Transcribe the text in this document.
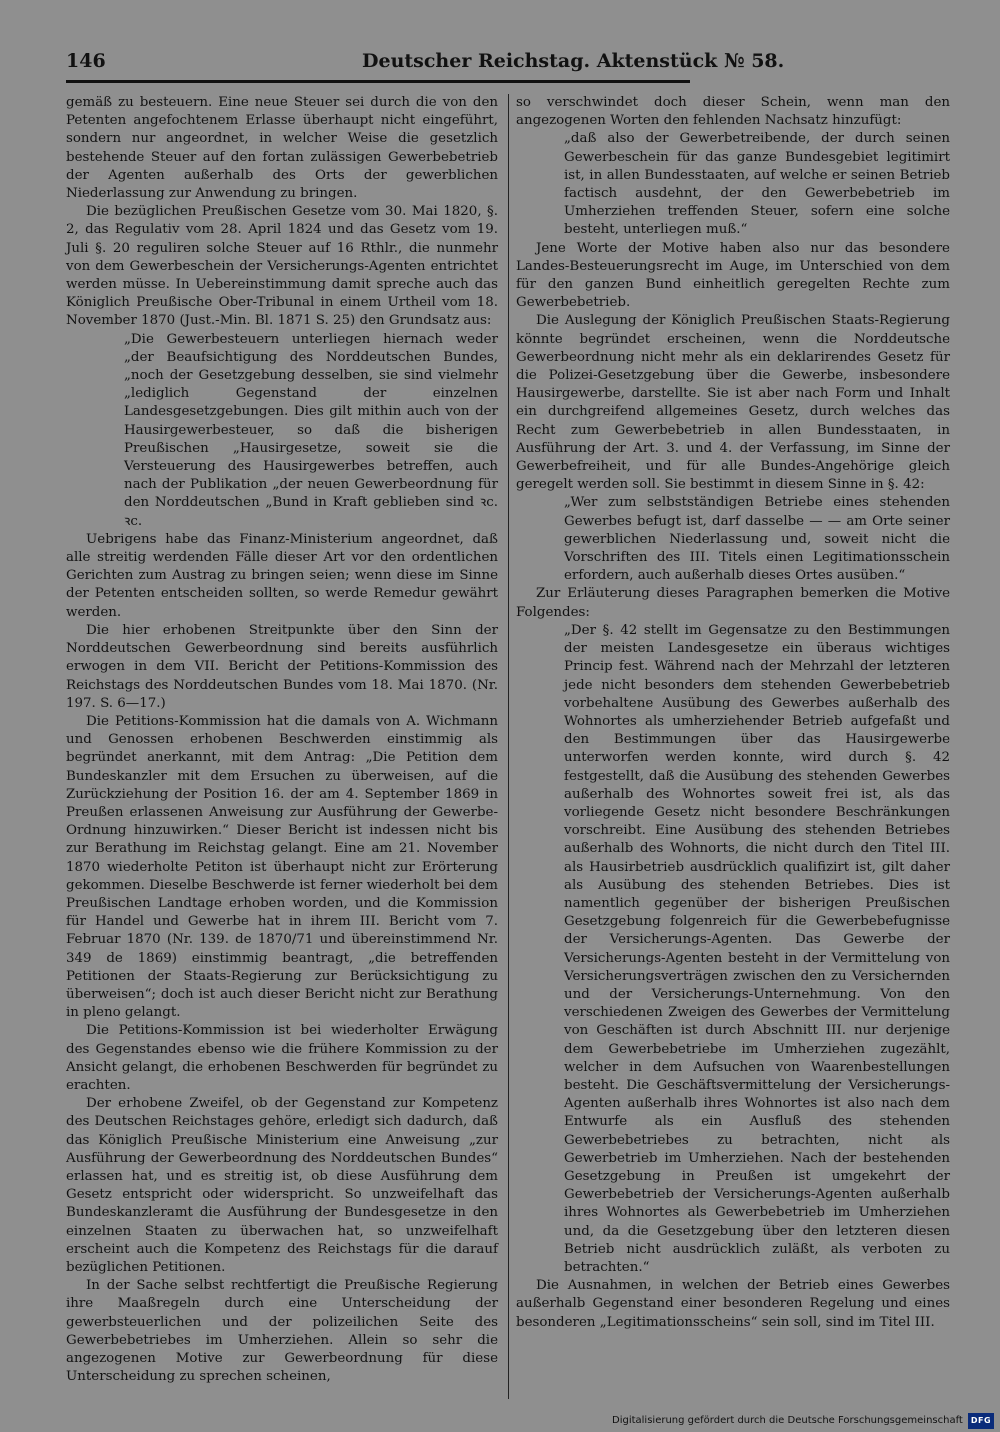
146	Deutscher Reichstag. Aktenstück № 58.

gemäß zu besteuern. Eine neue Steuer sei durch die von den Petenten angefochtenem Erlasse überhaupt nicht eingeführt, sondern nur angeordnet, in welcher Weise die gesetzlich bestehende Steuer auf den fortan zulässigen Gewerbebetrieb der Agenten außerhalb des Orts der gewerblichen Niederlassung zur Anwendung zu bringen.

Die bezüglichen Preußischen Gesetze vom 30. Mai 1820, §. 2, das Regulativ vom 28. April 1824 und das Gesetz vom 19. Juli §. 20 reguliren solche Steuer auf 16 Rthlr., die nunmehr von dem Gewerbeschein der Versicherungs-Agenten entrichtet werden müsse. In Uebereinstimmung damit spreche auch das Königlich Preußische Ober-Tribunal in einem Urtheil vom 18. November 1870 (Just.-Min. Bl. 1871 S. 25) den Grundsatz aus:

„Die Gewerbesteuern unterliegen hiernach weder „der Beaufsichtigung des Norddeutschen Bundes, „noch der Gesetzgebung desselben, sie sind vielmehr „lediglich Gegenstand der einzelnen Landesgesetzgebungen. Dies gilt mithin auch von der Hausirgewerbesteuer, so daß die bisherigen Preußischen „Hausirgesetze, soweit sie die Versteuerung des Hausirgewerbes betreffen, auch nach der Publikation „der neuen Gewerbeordnung für den Norddeutschen „Bund in Kraft geblieben sind ꝛc. ꝛc.

Uebrigens habe das Finanz-Ministerium angeordnet, daß alle streitig werdenden Fälle dieser Art vor den ordentlichen Gerichten zum Austrag zu bringen seien; wenn diese im Sinne der Petenten entscheiden sollten, so werde Remedur gewährt werden.

Die hier erhobenen Streitpunkte über den Sinn der Norddeutschen Gewerbeordnung sind bereits ausführlich erwogen in dem VII. Bericht der Petitions-Kommission des Reichstags des Norddeutschen Bundes vom 18. Mai 1870. (Nr. 197. S. 6—17.)

Die Petitions-Kommission hat die damals von A. Wichmann und Genossen erhobenen Beschwerden einstimmig als begründet anerkannt, mit dem Antrag: „Die Petition dem Bundeskanzler mit dem Ersuchen zu überweisen, auf die Zurückziehung der Position 16. der am 4. September 1869 in Preußen erlassenen Anweisung zur Ausführung der Gewerbe-Ordnung hinzuwirken.“ Dieser Bericht ist indessen nicht bis zur Berathung im Reichstag gelangt. Eine am 21. November 1870 wiederholte Petiton ist überhaupt nicht zur Erörterung gekommen. Dieselbe Beschwerde ist ferner wiederholt bei dem Preußischen Landtage erhoben worden, und die Kommission für Handel und Gewerbe hat in ihrem III. Bericht vom 7. Februar 1870 (Nr. 139. de 1870/71 und übereinstimmend Nr. 349 de 1869) einstimmig beantragt, „die betreffenden Petitionen der Staats-Regierung zur Berücksichtigung zu überweisen“; doch ist auch dieser Bericht nicht zur Berathung in pleno gelangt.

Die Petitions-Kommission ist bei wiederholter Erwägung des Gegenstandes ebenso wie die frühere Kommission zu der Ansicht gelangt, die erhobenen Beschwerden für begründet zu erachten.

Der erhobene Zweifel, ob der Gegenstand zur Kompetenz des Deutschen Reichstages gehöre, erledigt sich dadurch, daß das Königlich Preußische Ministerium eine Anweisung „zur Ausführung der Gewerbeordnung des Norddeutschen Bundes“ erlassen hat, und es streitig ist, ob diese Ausführung dem Gesetz entspricht oder widerspricht. So unzweifelhaft das Bundeskanzleramt die Ausführung der Bundesgesetze in den einzelnen Staaten zu überwachen hat, so unzweifelhaft erscheint auch die Kompetenz des Reichstags für die darauf bezüglichen Petitionen.

In der Sache selbst rechtfertigt die Preußische Regierung ihre Maaßregeln durch eine Unterscheidung der gewerbsteuerlichen und der polizeilichen Seite des Gewerbebetriebes im Umherziehen. Allein so sehr die angezogenen Motive zur Gewerbeordnung für diese Unterscheidung zu sprechen scheinen,

so verschwindet doch dieser Schein, wenn man den angezogenen Worten den fehlenden Nachsatz hinzufügt:

„daß also der Gewerbetreibende, der durch seinen Gewerbeschein für das ganze Bundesgebiet legitimirt ist, in allen Bundesstaaten, auf welche er seinen Betrieb factisch ausdehnt, der den Gewerbebetrieb im Umherziehen treffenden Steuer, sofern eine solche besteht, unterliegen muß.“

Jene Worte der Motive haben also nur das besondere Landes-Besteuerungsrecht im Auge, im Unterschied von dem für den ganzen Bund einheitlich geregelten Rechte zum Gewerbebetrieb.

Die Auslegung der Königlich Preußischen Staats-Regierung könnte begründet erscheinen, wenn die Norddeutsche Gewerbeordnung nicht mehr als ein deklarirendes Gesetz für die Polizei-Gesetzgebung über die Gewerbe, insbesondere Hausirgewerbe, darstellte. Sie ist aber nach Form und Inhalt ein durchgreifend allgemeines Gesetz, durch welches das Recht zum Gewerbebetrieb in allen Bundesstaaten, in Ausführung der Art. 3. und 4. der Verfassung, im Sinne der Gewerbefreiheit, und für alle Bundes-Angehörige gleich geregelt werden soll. Sie bestimmt in diesem Sinne in §. 42:

„Wer zum selbstständigen Betriebe eines stehenden Gewerbes befugt ist, darf dasselbe — — am Orte seiner gewerblichen Niederlassung und, soweit nicht die Vorschriften des III. Titels einen Legitimationsschein erfordern, auch außerhalb dieses Ortes ausüben.“

Zur Erläuterung dieses Paragraphen bemerken die Motive Folgendes:

„Der §. 42 stellt im Gegensatze zu den Bestimmungen der meisten Landesgesetze ein überaus wichtiges Princip fest. Während nach der Mehrzahl der letzteren jede nicht besonders dem stehenden Gewerbebetrieb vorbehaltene Ausübung des Gewerbes außerhalb des Wohnortes als umherziehender Betrieb aufgefaßt und den Bestimmungen über das Hausirgewerbe unterworfen werden konnte, wird durch §. 42 festgestellt, daß die Ausübung des stehenden Gewerbes außerhalb des Wohnortes soweit frei ist, als das vorliegende Gesetz nicht besondere Beschränkungen vorschreibt. Eine Ausübung des stehenden Betriebes außerhalb des Wohnorts, die nicht durch den Titel III. als Hausirbetrieb ausdrücklich qualifizirt ist, gilt daher als Ausübung des stehenden Betriebes. Dies ist namentlich gegenüber der bisherigen Preußischen Gesetzgebung folgenreich für die Gewerbebefugnisse der Versicherungs-Agenten. Das Gewerbe der Versicherungs-Agenten besteht in der Vermittelung von Versicherungsverträgen zwischen den zu Versichernden und der Versicherungs-Unternehmung. Von den verschiedenen Zweigen des Gewerbes der Vermittelung von Geschäften ist durch Abschnitt III. nur derjenige dem Gewerbebetriebe im Umherziehen zugezählt, welcher in dem Aufsuchen von Waarenbestellungen besteht. Die Geschäftsvermittelung der Versicherungs-Agenten außerhalb ihres Wohnortes ist also nach dem Entwurfe als ein Ausfluß des stehenden Gewerbebetriebes zu betrachten, nicht als Gewerbetrieb im Umherziehen. Nach der bestehenden Gesetzgebung in Preußen ist umgekehrt der Gewerbebetrieb der Versicherungs-Agenten außerhalb ihres Wohnortes als Gewerbebetrieb im Umherziehen und, da die Gesetzgebung über den letzteren diesen Betrieb nicht ausdrücklich zuläßt, als verboten zu betrachten.“

Die Ausnahmen, in welchen der Betrieb eines Gewerbes außerhalb Gegenstand einer besonderen Regelung und eines besonderen „Legitimationsscheins“ sein soll, sind im Titel III.

Digitalisierung gefördert durch die Deutsche Forschungsgemeinschaft	DFG
